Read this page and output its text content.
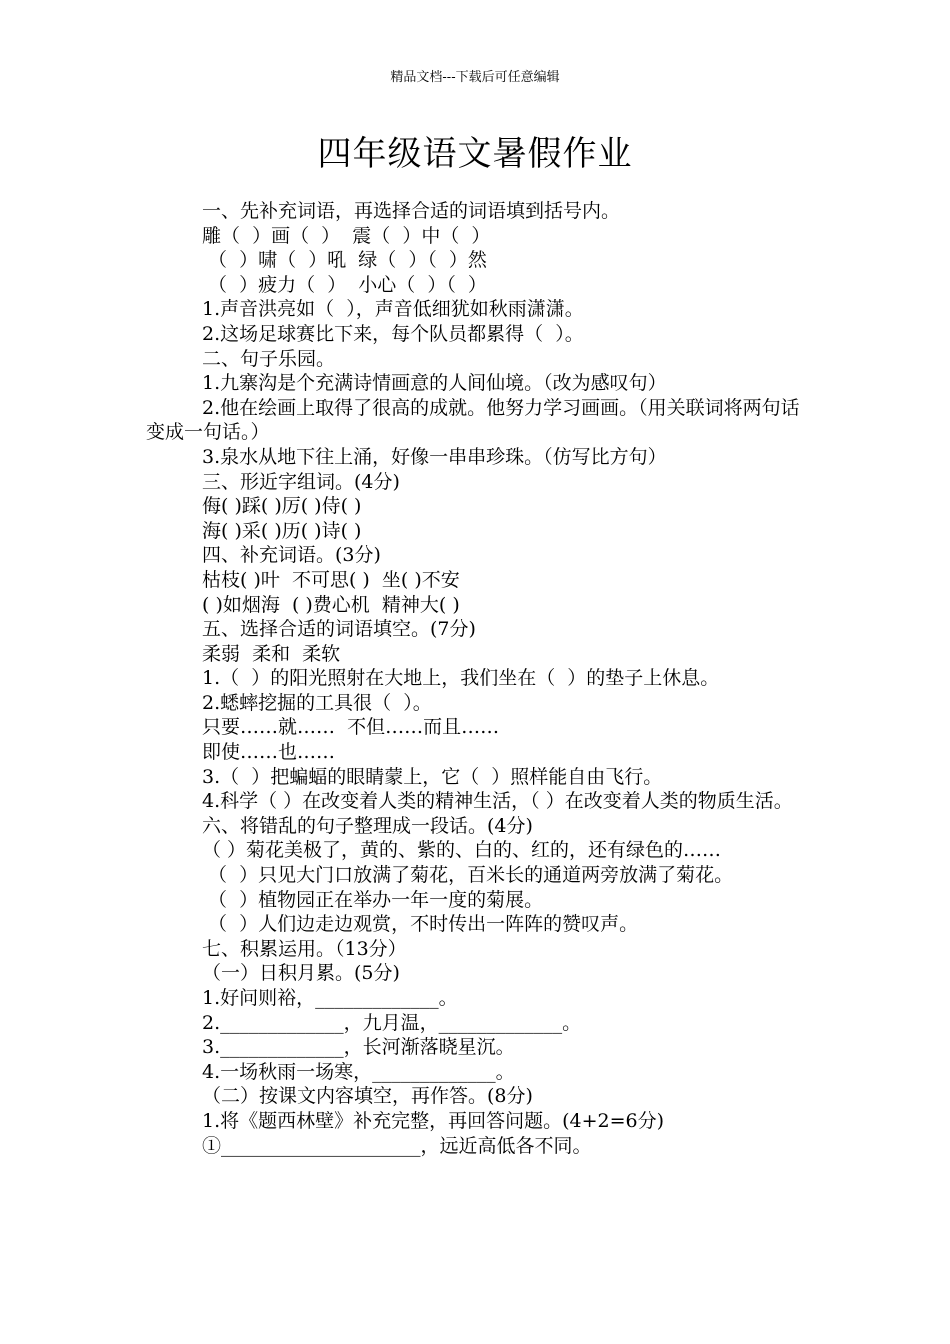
精品文档---下载后可任意编辑
四年级语文暑假作业
一、先补充词语，再选择合适的词语填到括号内。
雕（  ）画（  ）  震（  ）中（  ）
（  ）啸（  ）吼  绿（  ）（  ）然
（  ）疲力（  ）  小心（  ）（  ）
1.声音洪亮如（  ），声音低细犹如秋雨潇潇。
2.这场足球赛比下来，每个队员都累得（  ）。
二、句子乐园。
1.九寨沟是个充满诗情画意的人间仙境。（改为感叹句）
2.他在绘画上取得了很高的成就。他努力学习画画。（用关联词将两句话变成一句话。）
3.泉水从地下往上涌，好像一串串珍珠。（仿写比方句）
三、形近字组词。(4分)
侮( )踩( )厉( )侍( )
海( )采( )历( )诗( )
四、补充词语。(3分)
枯枝( )叶  不可思( )  坐( )不安
( )如烟海  ( )费心机  精神大( )
五、选择合适的词语填空。(7分)
柔弱  柔和  柔软
1.（  ）的阳光照射在大地上，我们坐在（  ）的垫子上休息。
2.蟋蟀挖掘的工具很（  ）。
只要……就……  不但……而且……
即使……也……
3.（  ）把蝙蝠的眼睛蒙上，它（  ）照样能自由飞行。
4.科学（ ）在改变着人类的精神生活，（ ）在改变着人类的物质生活。
六、将错乱的句子整理成一段话。(4分)
（ ）菊花美极了，黄的、紫的、白的、红的，还有绿色的……
（  ）只见大门口放满了菊花，百米长的通道两旁放满了菊花。
（  ）植物园正在举办一年一度的菊展。
（  ）人们边走边观赏，不时传出一阵阵的赞叹声。
七、积累运用。（13分）
（一）日积月累。(5分)
1.好问则裕，_____________。
2._____________，九月温，_____________。
3._____________，长河渐落晓星沉。
4.一场秋雨一场寒，_____________。
（二）按课文内容填空，再作答。(8分)
1.将《题西林壁》补充完整，再回答问题。(4+2=6分)
①_____________________，远近高低各不同。
